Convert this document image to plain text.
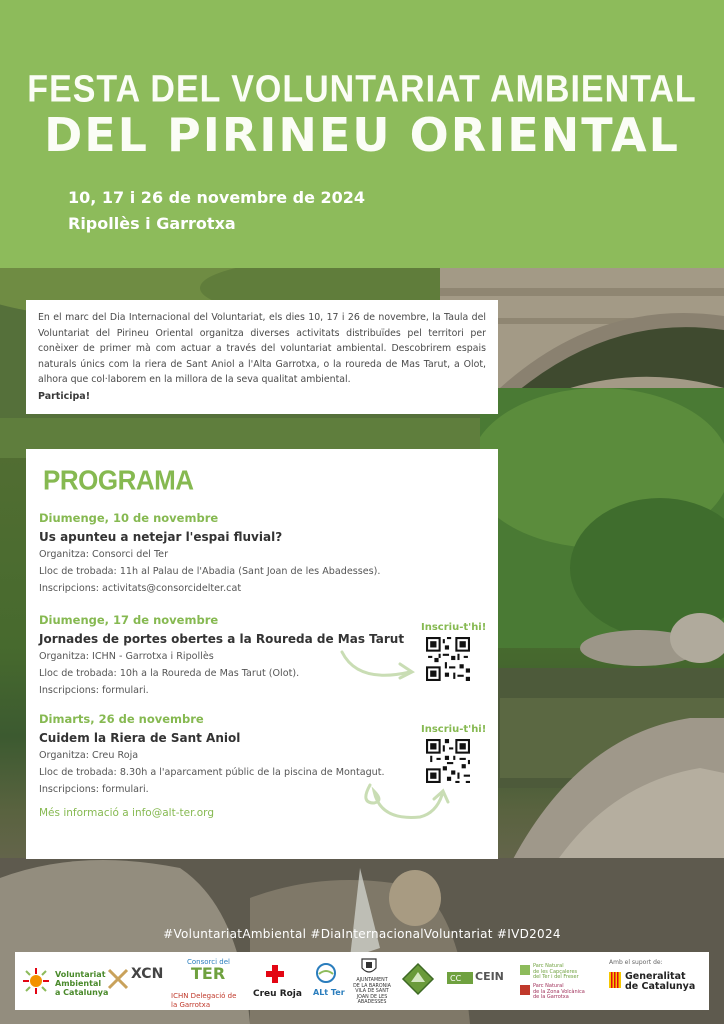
FESTA DEL VOLUNTARIAT AMBIENTAL
DEL PIRINEU ORIENTAL
10, 17 i 26 de novembre de 2024
Ripollès i Garrotxa

En el marc del Dia Internacional del Voluntariat, els dies 10, 17 i 26 de novembre, la Taula del Voluntariat del Pirineu Oriental organitza diverses activitats distribuïdes pel territori per conèixer de primer mà com actuar a través del voluntariat ambiental. Descobrirem espais naturals únics com la riera de Sant Aniol a l'Alta Garrotxa, o la roureda de Mas Tarut, a Olot, alhora que col·laborem en la millora de la seva qualitat ambiental.

Participa!
PROGRAMA
Diumenge, 10 de novembre
Us apunteu a netejar l'espai fluvial?
Organitza: Consorci del Ter
Lloc de trobada: 11h al Palau de l'Abadia (Sant Joan de les Abadesses).
Inscripcions: activitats@consorcidelter.cat
Diumenge, 17 de novembre
Jornades de portes obertes a la Roureda de Mas Tarut
Organitza: ICHN - Garrotxa i Ripollès
Lloc de trobada: 10h a la Roureda de Mas Tarut (Olot).
Inscripcions: formulari.
Dimarts, 26 de novembre
Cuidem la Riera de Sant Aniol
Organitza: Creu Roja
Lloc de trobada: 8.30h a l'aparcament públic de la piscina de Montagut.
Inscripcions: formulari.
Més informació a info@alt-ter.org
Inscriu-t'hi!
Inscriu-t'hi!
#VoluntariatAmbiental #DiaInternacionalVoluntariat #IVD2024
Voluntariat
Ambiental
a Catalunya
XCN
Consorci del
TER
ICHN Delegació de la Garrotxa
Creu Roja ALt Ter
AJUNTAMENT
DE LA BARONIA
VILA DE SANT
JOAN DE LES
ABADESSES
CC CEIN
Parc Natural
de les Capçaleres
del Ter i del Freser
Parc Natural
de la Zona Volcànica
de la Garrotxa
Amb el suport de:
Generalitat
de Catalunya
